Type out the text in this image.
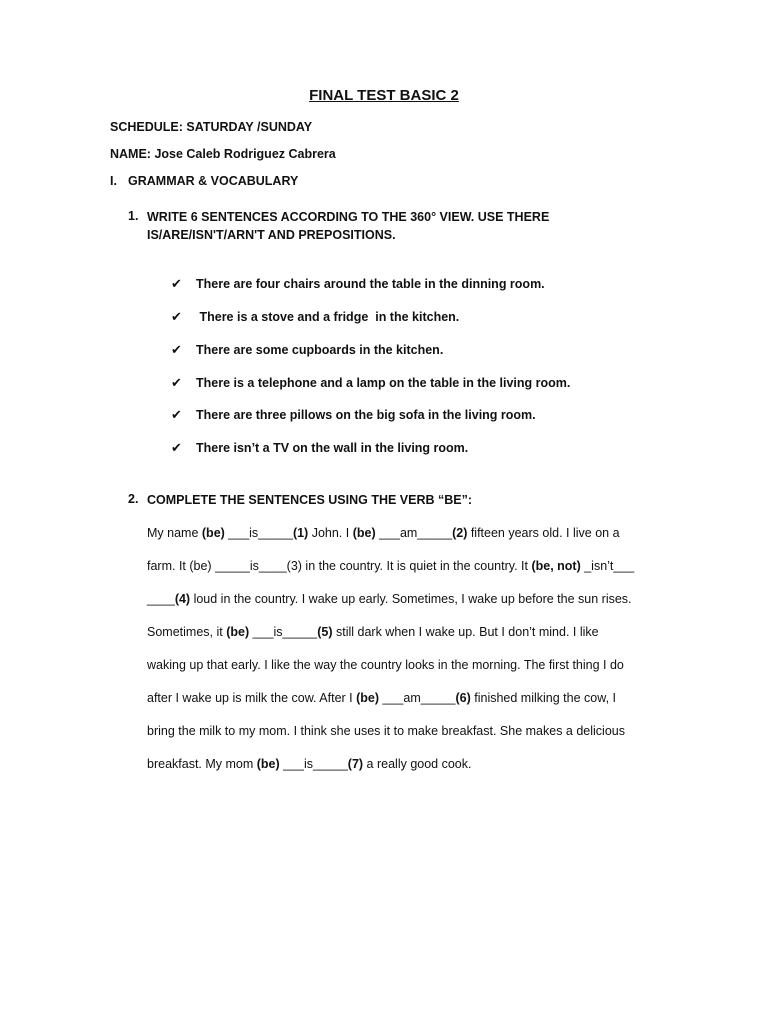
FINAL TEST BASIC 2
SCHEDULE: SATURDAY /SUNDAY
NAME: Jose Caleb Rodriguez Cabrera
I. GRAMMAR & VOCABULARY
1. WRITE 6 SENTENCES ACCORDING TO THE 360° VIEW. USE THERE IS/ARE/ISN'T/ARN'T AND PREPOSITIONS.
✔ There are four chairs around the table in the dinning room.
✔ There is a stove and a fridge  in the kitchen.
✔ There are some cupboards in the kitchen.
✔ There is a telephone and a lamp on the table in the living room.
✔ There are three pillows on the big sofa in the living room.
✔ There isn’t a TV on the wall in the living room.
2. COMPLETE THE SENTENCES USING THE VERB “BE”:
My name (be) ___is_____(1) John. I (be) ___am_____(2) fifteen years old. I live on a
farm. It (be) _____is____(3) in the country. It is quiet in the country. It (be, not) _isn’t___
____(4) loud in the country. I wake up early. Sometimes, I wake up before the sun rises.
Sometimes, it (be) ___is_____(5) still dark when I wake up. But I don’t mind. I like
waking up that early. I like the way the country looks in the morning. The first thing I do
after I wake up is milk the cow. After I (be) ___am_____(6) finished milking the cow, I
bring the milk to my mom. I think she uses it to make breakfast. She makes a delicious
breakfast. My mom (be) ___is_____(7) a really good cook.
